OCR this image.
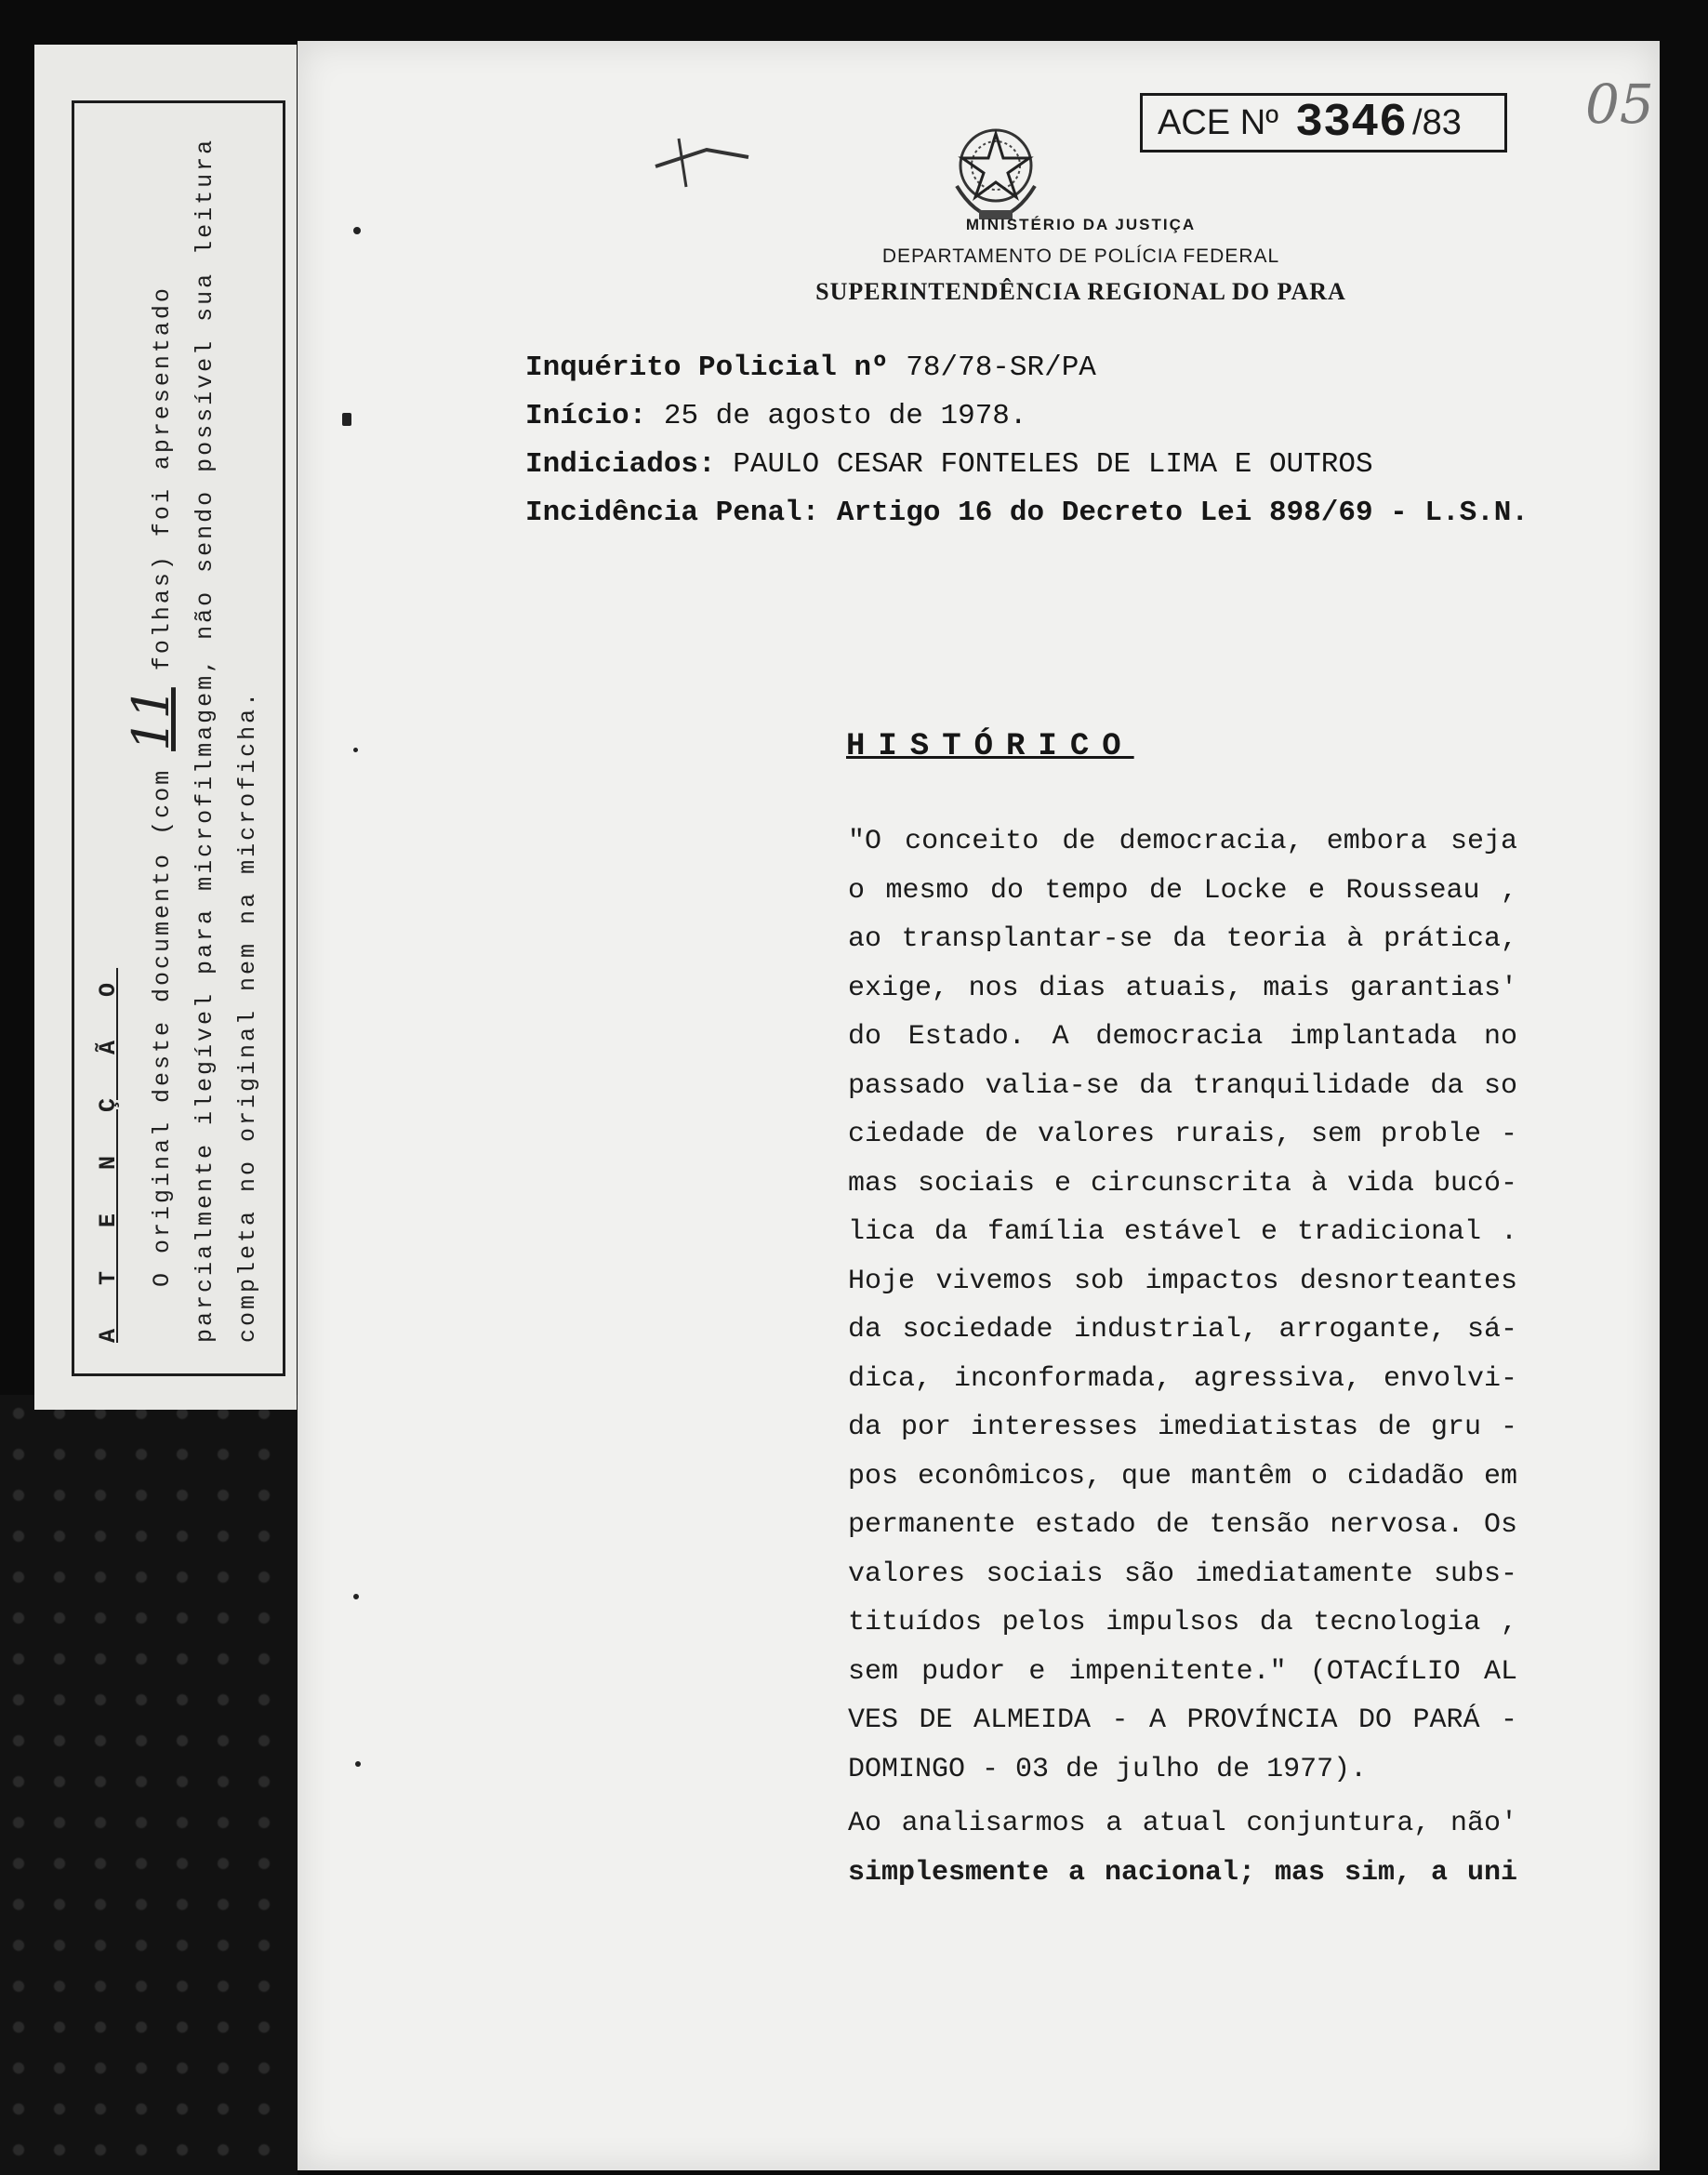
A T E N Ç Ã O	O original deste documento (com 11 folhas) foi apresentado parcialmente ilegível para microfilmagem, não sendo possível sua leitura completa no original nem na microficha.
ACE Nº 3346 /83 05
MINISTÉRIO DA JUSTIÇA
DEPARTAMENTO DE POLÍCIA FEDERAL
SUPERINTENDÊNCIA REGIONAL DO PARA
Inquérito Policial nº 78/78-SR/PA
Início: 25 de agosto de 1978.
Indiciados: PAULO CESAR FONTELES DE LIMA E OUTROS
Incidência Penal: Artigo 16 do Decreto Lei 898/69 - L.S.N.
HISTÓRICO
"O conceito de democracia, embora seja
o mesmo do tempo de Locke e Rousseau ,
ao transplantar-se da teoria à prática,
exige, nos dias atuais, mais garantias'
do Estado. A democracia implantada no
passado valia-se da tranquilidade da so
ciedade de valores rurais, sem proble -
mas sociais e circunscrita à vida bucó-
lica da família estável e tradicional .
Hoje vivemos sob impactos desnorteantes
da sociedade industrial, arrogante, sá-
dica, inconformada, agressiva, envolvi-
da por interesses imediatistas de gru -
pos econômicos, que mantêm o cidadão em
permanente estado de tensão nervosa. Os
valores sociais são imediatamente subs-
tituídos pelos impulsos da tecnologia ,
sem pudor e impenitente." (OTACÍLIO AL
VES DE ALMEIDA - A PROVÍNCIA DO PARÁ -
DOMINGO - 03 de julho de 1977).
Ao analisarmos a atual conjuntura, não'
simplesmente a nacional; mas sim, a uni
